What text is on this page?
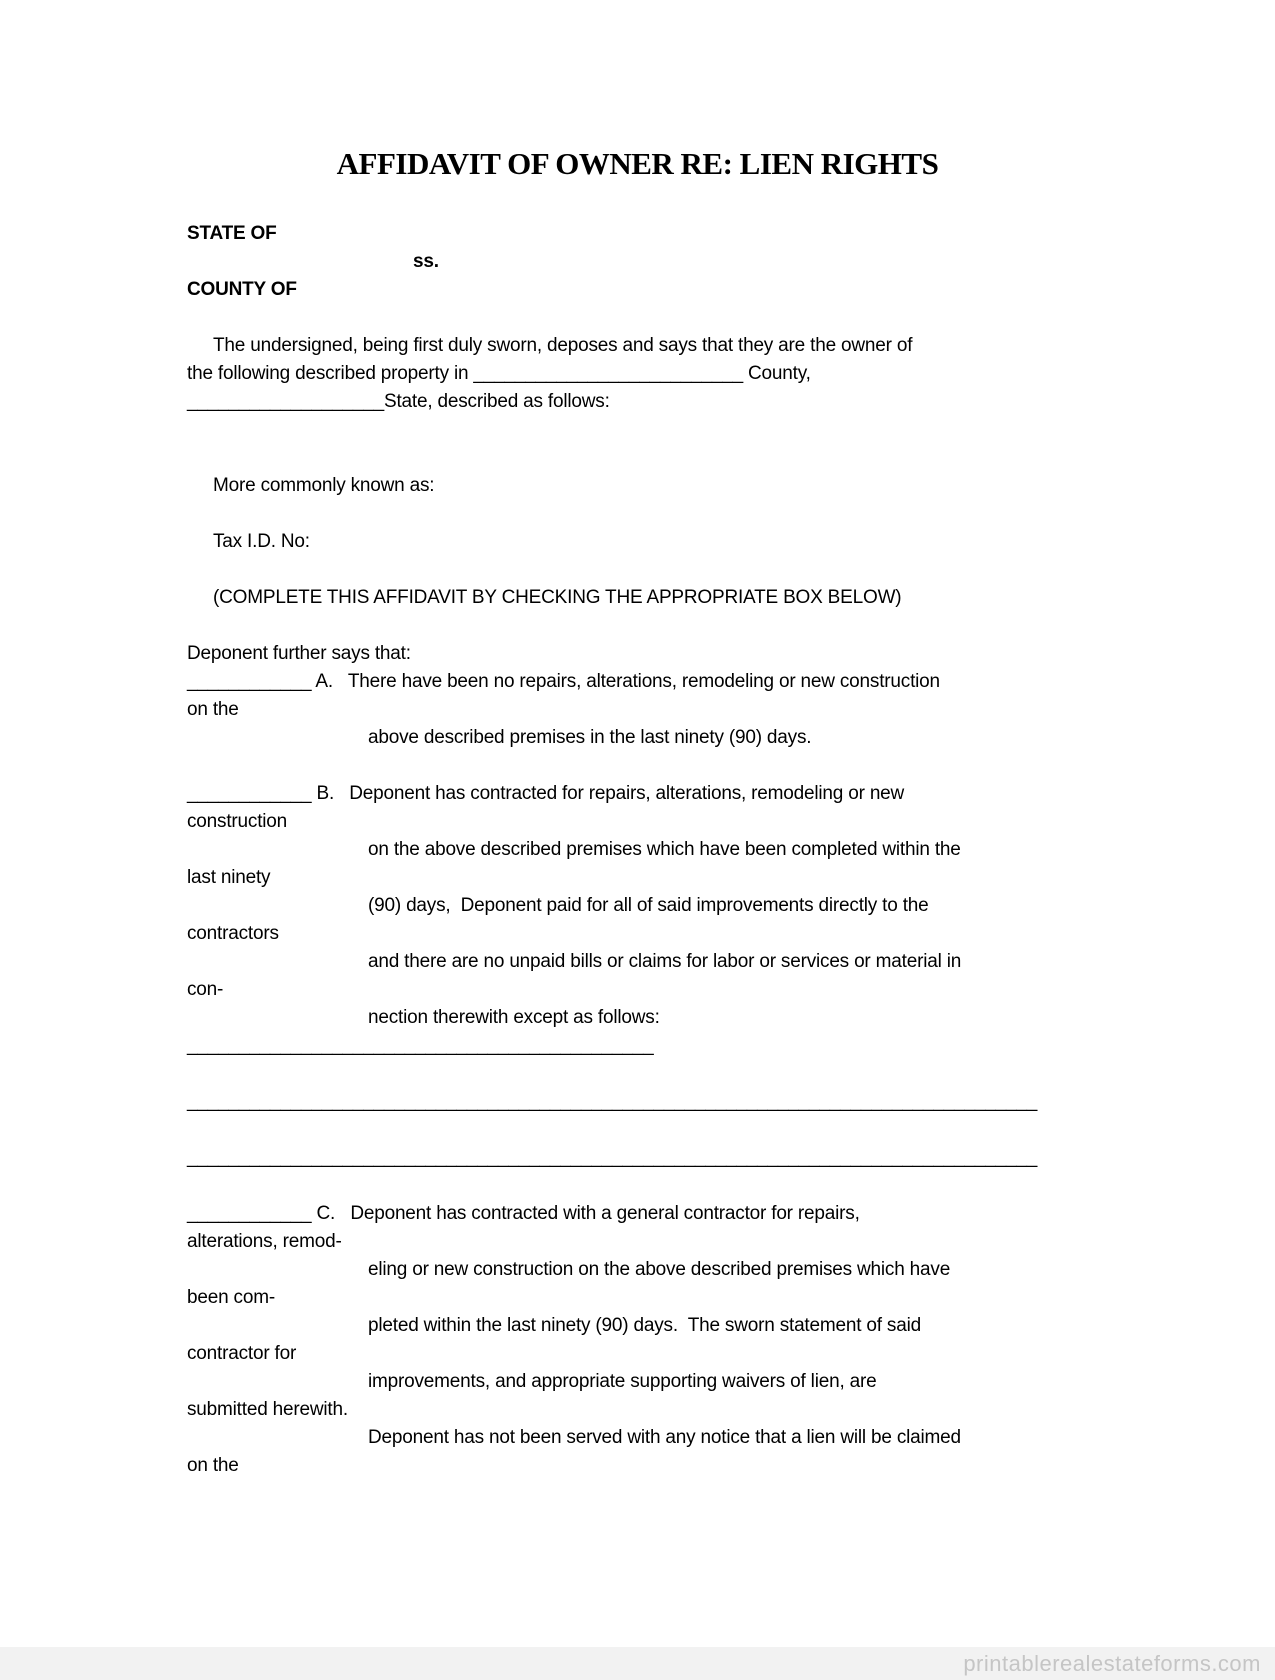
AFFIDAVIT OF OWNER RE: LIEN RIGHTS
STATE OF
ss.
COUNTY OF
The undersigned, being first duly sworn, deposes and says that they are the owner of
the following described property in __________________________ County,
___________________State, described as follows:
More commonly known as:
Tax I.D. No:
(COMPLETE THIS AFFIDAVIT BY CHECKING THE APPROPRIATE BOX BELOW)
Deponent further says that:
____________ A.   There have been no repairs, alterations, remodeling or new construction
on the
above described premises in the last ninety (90) days.
____________ B.   Deponent has contracted for repairs, alterations, remodeling or new
construction
on the above described premises which have been completed within the
last ninety
(90) days,  Deponent paid for all of said improvements directly to the
contractors
and there are no unpaid bills or claims for labor or services or material in
con-
nection therewith except as follows:
_____________________________________________
__________________________________________________________________________________
__________________________________________________________________________________
____________ C.   Deponent has contracted with a general contractor for repairs,
alterations, remod-
eling or new construction on the above described premises which have
been com-
pleted within the last ninety (90) days.  The sworn statement of said
contractor for
improvements, and appropriate supporting waivers of lien, are
submitted herewith.
Deponent has not been served with any notice that a lien will be claimed
on the
printablerealestateforms.com
